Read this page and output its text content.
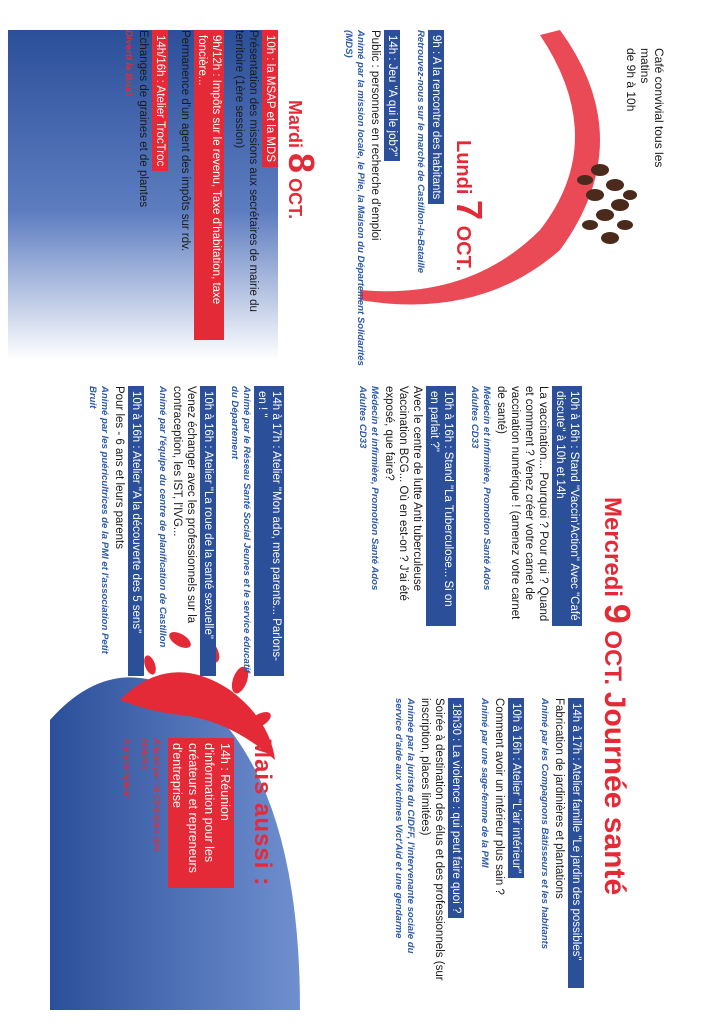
Café convivial tous les matins
de 9h à 10h
Lundi 7 OCT.
9h : A la rencontre des habitants
Retrouvez-nous sur le marché de Castillon-la-Bataille
14h : Jeu "A qui le job?"
Public : personnes en recherche d'emploi
Animé par la mission locale, le Plie, la Maison du Département Solidarités (MDS)
Mardi 8 OCT.
10h : la MSAP et la MDS
Présentation des missions aux secrétaires de mairie du territoire (1ère session)
9h/12h : Impôts sur le revenu, Taxe d'habitation, taxe foncière...
Permanence d'un agent des impôts sur rdv.
14h/16h : Atelier TrocTroc
Echanges de graines et de plantes
Diverti la Bruit
Mercredi 9 OCT. Journée santé
10h à 16h : Stand "Vaccin'Action" Avec "Café discute" à 10h et 14h
La vaccination... Pourquoi ? Pour qui ? Quand et comment ? Venez créer votre carnet de vaccination numérique ! (amenez votre carnet de santé)
Médecin et infirmière, Promotion Santé Ados Adultes CD33
10h à 16h : Stand "La Tuberculose... Si on en parlait ?"
Avec le centre de lutte Anti tuberculeuse Vaccination BCG... Où en est-on ? J'ai été exposé, que faire?
Médecin et infirmière, Promotion Santé Ados Adultes CD33
14h à 17h : Atelier "Mon ado, mes parents... Parlons-en ! "
Animé par le Réseau Santé Social Jeunes et le service éducatif du Département
10h à 16h : Atelier "La roue de la santé sexuelle"
Venez échanger avec les professionnels sur la contraception, les IST, l'IVG...
Animé par l'équipe du centre de planification de Castillon
10h à 16h : Atelier "A la découverte des 5 sens"
Pour les - 6 ans et leurs parents
Animé par les puéricultrices de la PMI et l'association Petit Bruit
14h à 17h : Atelier famille "Le jardin des possibles"
Fabrication de jardinières et plantations
Animé par les Compagnons Bâtisseurs et les habitants
10h à 16h : Atelier "L'air intérieur"
Comment avoir un intérieur plus sain ?
Animé par une sage-femme de la PMI
18h30 : La violence : qui peut faire quoi ?
Soirée à destination des élus et des professionnels (sur inscription, places limitées)
Animée par la juriste du CIDFF, l'intervenante sociale du service d'aide aux victimes Vict'Aid et une gendarme
Mais aussi :
14h : Réunion d'information pour les créateurs et repreneurs d'entreprise
Animé par la Chambre des Métiers.
Sur inscription
